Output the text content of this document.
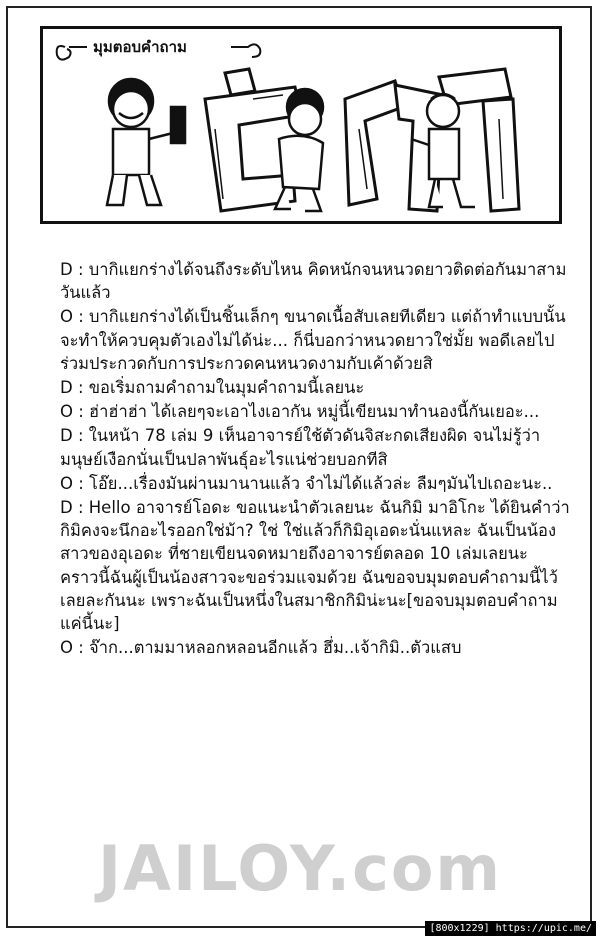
มุมตอบคำถาม

D : บากิแยกร่างได้จนถึงระดับไหน คิดหนักจนหนวดยาวติดต่อกันมาสามวันแล้ว

O : บากิแยกร่างได้เป็นชิ้นเล็กๆ ขนาดเนื้อสับเลยทีเดียว แต่ถ้าทำแบบนั้นจะทำให้ควบคุมตัวเองไม่ได้น่ะ... ก็นี่บอกว่าหนวดยาวใช่มั้ย พอดีเลยไปร่วมประกวดกับการประกวดคนหนวดงามกับเค้าด้วยสิ

D : ขอเริ่มถามคำถามในมุมคำถามนี้เลยนะ

O : ฮ่าฮ่าฮ่า ได้เลยๆจะเอาไงเอากัน หมู่นี้เขียนมาทำนองนี้กันเยอะ...

D : ในหน้า 78 เล่ม 9 เห็นอาจารย์ใช้ตัวดันจิสะกดเสียงผิด จนไม่รู้ว่ามนุษย์เงือกนั่นเป็นปลาพันธุ์อะไรแน่ช่วยบอกทีสิ

O : โอ๊ย...เรื่องมันผ่านมานานแล้ว จำไม่ได้แล้วล่ะ ลืมๆมันไปเถอะนะ..

D : Hello อาจารย์โอดะ ขอแนะนำตัวเลยนะ ฉันกิมิ มาอิโกะ ได้ยินคำว่า กิมิคงจะนึกอะไรออกใช่ม้า? ใช่ ใช่แล้วก็กิมิอุเอดะนั่นแหละ ฉันเป็นน้องสาวของอุเอดะ ที่ชายเขียนจดหมายถึงอาจารย์ตลอด 10 เล่มเลยนะ คราวนี้ฉันผู้เป็นน้องสาวจะขอร่วมแจมด้วย ฉันขอจบมุมตอบคำถามนี้ไว้เลยละกันนะ เพราะฉันเป็นหนึ่งในสมาชิกกิมิน่ะนะ[ขอจบมุมตอบคำถามแค่นี้นะ]

O : จ๊าก...ตามมาหลอกหลอนอีกแล้ว ฮึ่ม..เจ้ากิมิ..ตัวแสบ

JAILOY.com
[800x1229] https://upic.me/
